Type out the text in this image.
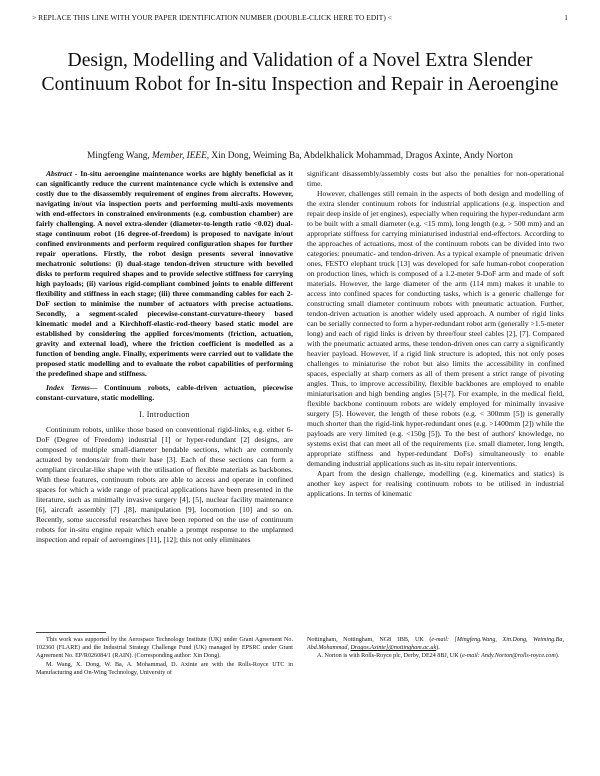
> REPLACE THIS LINE WITH YOUR PAPER IDENTIFICATION NUMBER (DOUBLE-CLICK HERE TO EDIT) <	1
Design, Modelling and Validation of a Novel Extra Slender Continuum Robot for In-situ Inspection and Repair in Aeroengine
Mingfeng Wang, Member, IEEE, Xin Dong, Weiming Ba, Abdelkhalick Mohammad, Dragos Axinte, Andy Norton

Abstract - In-situ aeroengine maintenance works are highly beneficial as it can significantly reduce the current maintenance cycle which is extensive and costly due to the disassembly requirement of engines from aircrafts. However, navigating in/out via inspection ports and performing multi-axis movements with end-effectors in constrained environments (e.g. combustion chamber) are fairly challenging. A novel extra-slender (diameter-to-length ratio <0.02) dual-stage continuum robot (16 degree-of-freedom) is proposed to navigate in/out confined environments and perform required configuration shapes for further repair operations. Firstly, the robot design presents several innovative mechatronic solutions: (i) dual-stage tendon-driven structure with bevelled disks to perform required shapes and to provide selective stiffness for carrying high payloads; (ii) various rigid-compliant combined joints to enable different flexibility and stiffness in each stage; (iii) three commanding cables for each 2-DoF section to minimise the number of actuators with precise actuations. Secondly, a segment-scaled piecewise-constant-curvature-theory based kinematic model and a Kirchhoff-elastic-rod-theory based static model are established by considering the applied forces/moments (friction, actuation, gravity and external load), where the friction coefficient is modelled as a function of bending angle. Finally, experiments were carried out to validate the proposed static modelling and to evaluate the robot capabilities of performing the predefined shape and stiffness.

Index Terms— Continuum robots, cable-driven actuation, piecewise constant-curvature, static modelling.

I. Introduction

Continuum robots, unlike those based on conventional rigid-links, e.g. either 6-DoF (Degree of Freedom) industrial [1] or hyper-redundant [2] designs, are composed of multiple small-diameter bendable sections, which are commonly actuated by tendons/air from their base [3]. Each of these sections can form a compliant circular-like shape with the utilisation of flexible materials as backbones. With these features, continuum robots are able to access and operate in confined spaces for which a wide range of practical applications have been presented in the literature, such as minimally invasive surgery [4], [5], nuclear facility maintenance [6], aircraft assembly [7] ,[8], manipulation [9], locomotion [10] and so on. Recently, some successful researches have been reported on the use of continuum robots for in-situ engine repair which enable a prompt response to the unplanned inspection and repair of aeroengines [11], [12]; this not only eliminates

significant disassembly/assembly costs but also the penalties for non-operational time.

However, challenges still remain in the aspects of both design and modelling of the extra slender continuum robots for industrial applications (e.g. inspection and repair deep inside of jet engines), especially when requiring the hyper-redundant arm to be built with a small diameter (e.g. <15 mm), long length (e.g. > 500 mm) and an appropriate stiffness for carrying miniaturised industrial end-effectors. According to the approaches of actuations, most of the continuum robots can be divided into two categories: pneumatic- and tendon-driven. As a typical example of pneumatic driven ones, FESTO elephant truck [13] was developed for safe human-robot cooperation on production lines, which is composed of a 1.2-meter 9-DoF arm and made of soft materials. However, the large diameter of the arm (114 mm) makes it unable to access into confined spaces for conducting tasks, which is a generic challenge for constructing small diameter continuum robots with pneumatic actuation. Further, tendon-driven actuation is another widely used approach. A number of rigid links can be serially connected to form a hyper-redundant robot arm (generally >1.5-meter long) and each of rigid links is driven by three/four steel cables [2], [7]. Compared with the pneumatic actuated arms, these tendon-driven ones can carry a significantly heavier payload. However, if a rigid link structure is adopted, this not only poses challenges to miniaturise the robot but also limits the accessibility in confined spaces, especially at sharp corners as all of them present a strict range of pivoting angles. Thus, to improve accessibility, flexible backbones are employed to enable miniaturisation and high bending angles [5]-[7]. For example, in the medical field, flexible backbone continuum robots are widely employed for minimally invasive surgery [5]. However, the length of these robots (e.g. < 300mm [5]) is generally much shorter than the rigid-link hyper-redundant ones (e.g. >1400mm [2]) while the payloads are very limited (e.g. <150g [5]). To the best of authors' knowledge, no systems exist that can meet all of the requirements (i.e. small diameter, long length, appropriate stiffness and hyper-redundant DoFs) simultaneously to enable demanding industrial applications such as in-situ repair interventions.

Apart from the design challenge, modelling (e.g. kinematics and statics) is another key aspect for realising continuum robots to be utilised in industrial applications. In terms of kinematic

This work was supported by the Aerospace Technology Institute (UK) under Grant Agreement No. 102360 (FLARE) and the Industrial Strategy Challenge Fund (UK) managed by EPSRC under Grant Agreement No. EP/R026084/1 (RAIN). (Corresponding author: Xin Dong).

M. Wang, X. Dong, W. Ba, A. Mohammad, D. Axinte are with the Rolls-Royce UTC in Manufacturing and On-Wing Technology, University of

Nottingham, Nottingham, NG8 1BB, UK (e-mail: [Mingfeng.Wang, Xin.Dong, Weiming.Ba, Abd.Mohammad, Dragos.Axinte]@nottingham.ac.uk).

A. Norton is with Rolls-Royce plc, Derby, DE24 8BJ, UK (e-mail: Andy.Norton@rolls-royce.com).
